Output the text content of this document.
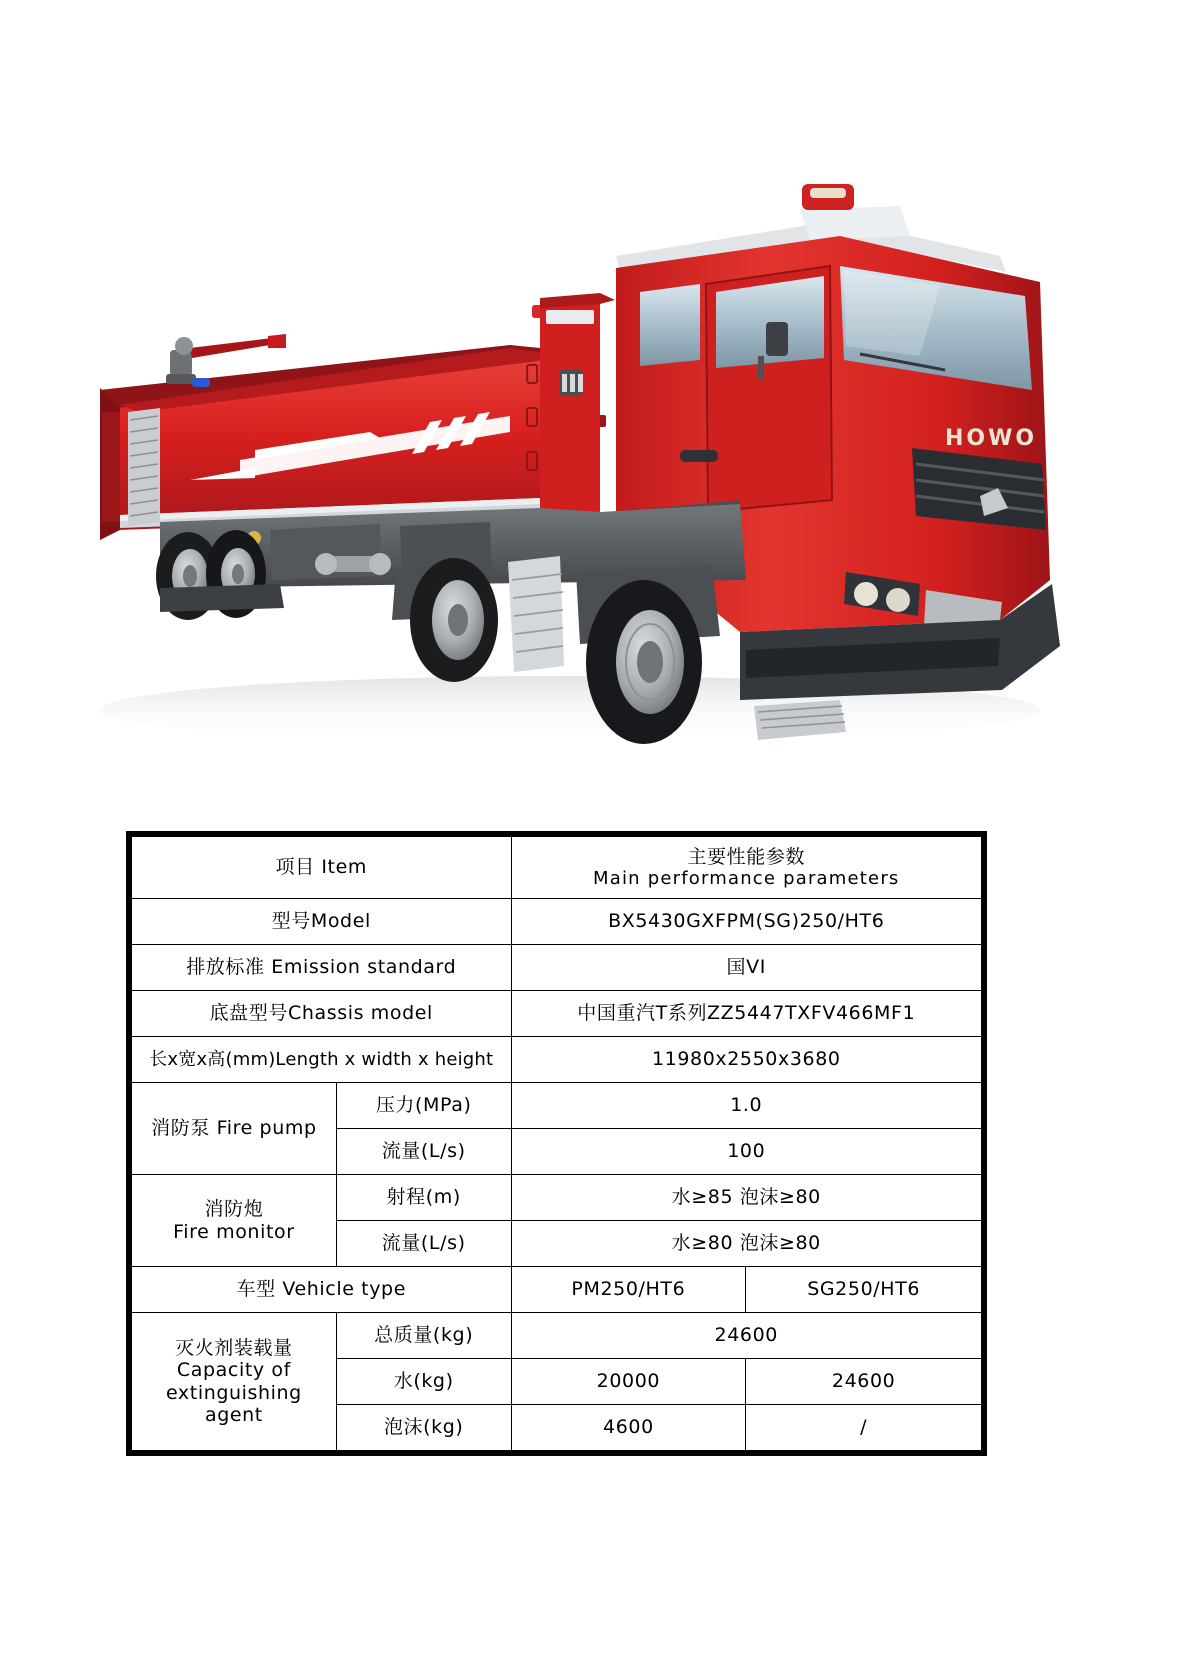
HOWO
项目 Item		主要性能参数
Main performance parameters	

型号Model		BX5430GXFPM(SG)250/HT6	
排放标准 Emission standard		国VI	
底盘型号Chassis model		中国重汽T系列ZZ5447TXFV466MF1	
长x宽x高(mm)Length x width x height		11980x2550x3680	
消防泵 Fire pump	压力(MPa)	1.0	
	流量(L/s)	100	

消防炮
Fire monitor	射程(m)	水≥85 泡沫≥80	
	流量(L/s)	水≥80 泡沫≥80	
车型 Vehicle type		PM250/HT6	SG250/HT6

灭火剂装载量
Capacity of
extinguishing agent	总质量(kg)	24600	
	水(kg)	20000	24600
	泡沫(kg)	4600	/
